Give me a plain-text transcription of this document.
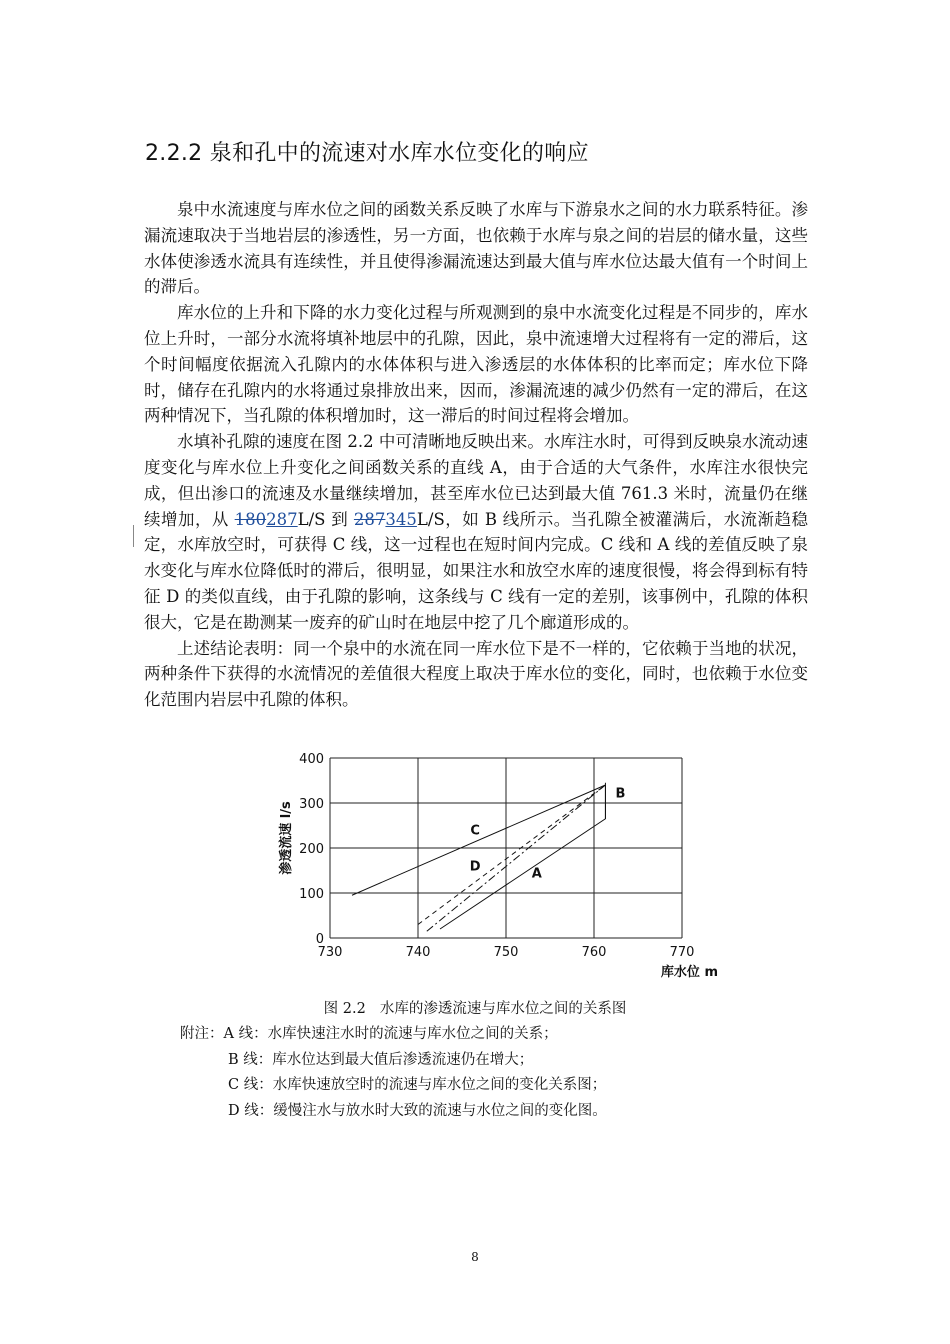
2.2.2 泉和孔中的流速对水库水位变化的响应

泉中水流速度与库水位之间的函数关系反映了水库与下游泉水之间的水力联系特征。渗漏流速取决于当地岩层的渗透性，另一方面，也依赖于水库与泉之间的岩层的储水量，这些水体使渗透水流具有连续性，并且使得渗漏流速达到最大值与库水位达最大值有一个时间上的滞后。

库水位的上升和下降的水力变化过程与所观测到的泉中水流变化过程是不同步的，库水位上升时，一部分水流将填补地层中的孔隙，因此，泉中流速增大过程将有一定的滞后，这个时间幅度依据流入孔隙内的水体体积与进入渗透层的水体体积的比率而定；库水位下降时，储存在孔隙内的水将通过泉排放出来，因而，渗漏流速的减少仍然有一定的滞后，在这两种情况下，当孔隙的体积增加时，这一滞后的时间过程将会增加。

水填补孔隙的速度在图 2.2 中可清晰地反映出来。水库注水时，可得到反映泉水流动速度变化与库水位上升变化之间函数关系的直线 A，由于合适的大气条件，水库注水很快完成，但出渗口的流速及水量继续增加，甚至库水位已达到最大值 761.3 米时，流量仍在继续增加，从 180287L/S 到 287345L/S，如 B 线所示。当孔隙全被灌满后，水流渐趋稳定，水库放空时，可获得 C 线，这一过程也在短时间内完成。C 线和 A 线的差值反映了泉水变化与库水位降低时的滞后，很明显，如果注水和放空水库的速度很慢，将会得到标有特征 D 的类似直线，由于孔隙的影响，这条线与 C 线有一定的差别，该事例中，孔隙的体积很大，它是在勘测某一废弃的矿山时在地层中挖了几个廊道形成的。

上述结论表明：同一个泉中的水流在同一库水位下是不一样的，它依赖于当地的状况，两种条件下获得的水流情况的差值很大程度上取决于库水位的变化，同时，也依赖于水位变化范围内岩层中孔隙的体积。

730	740	750	760	770
0
100
200
300
400
库水位 m
渗透流速 l/s	C
D	A
B
图 2.2 水库的渗透流速与库水位之间的关系图
附注：A 线：水库快速注水时的流速与库水位之间的关系；
B 线：库水位达到最大值后渗透流速仍在增大；
C 线：水库快速放空时的流速与库水位之间的变化关系图；
D 线：缓慢注水与放水时大致的流速与水位之间的变化图。
8
